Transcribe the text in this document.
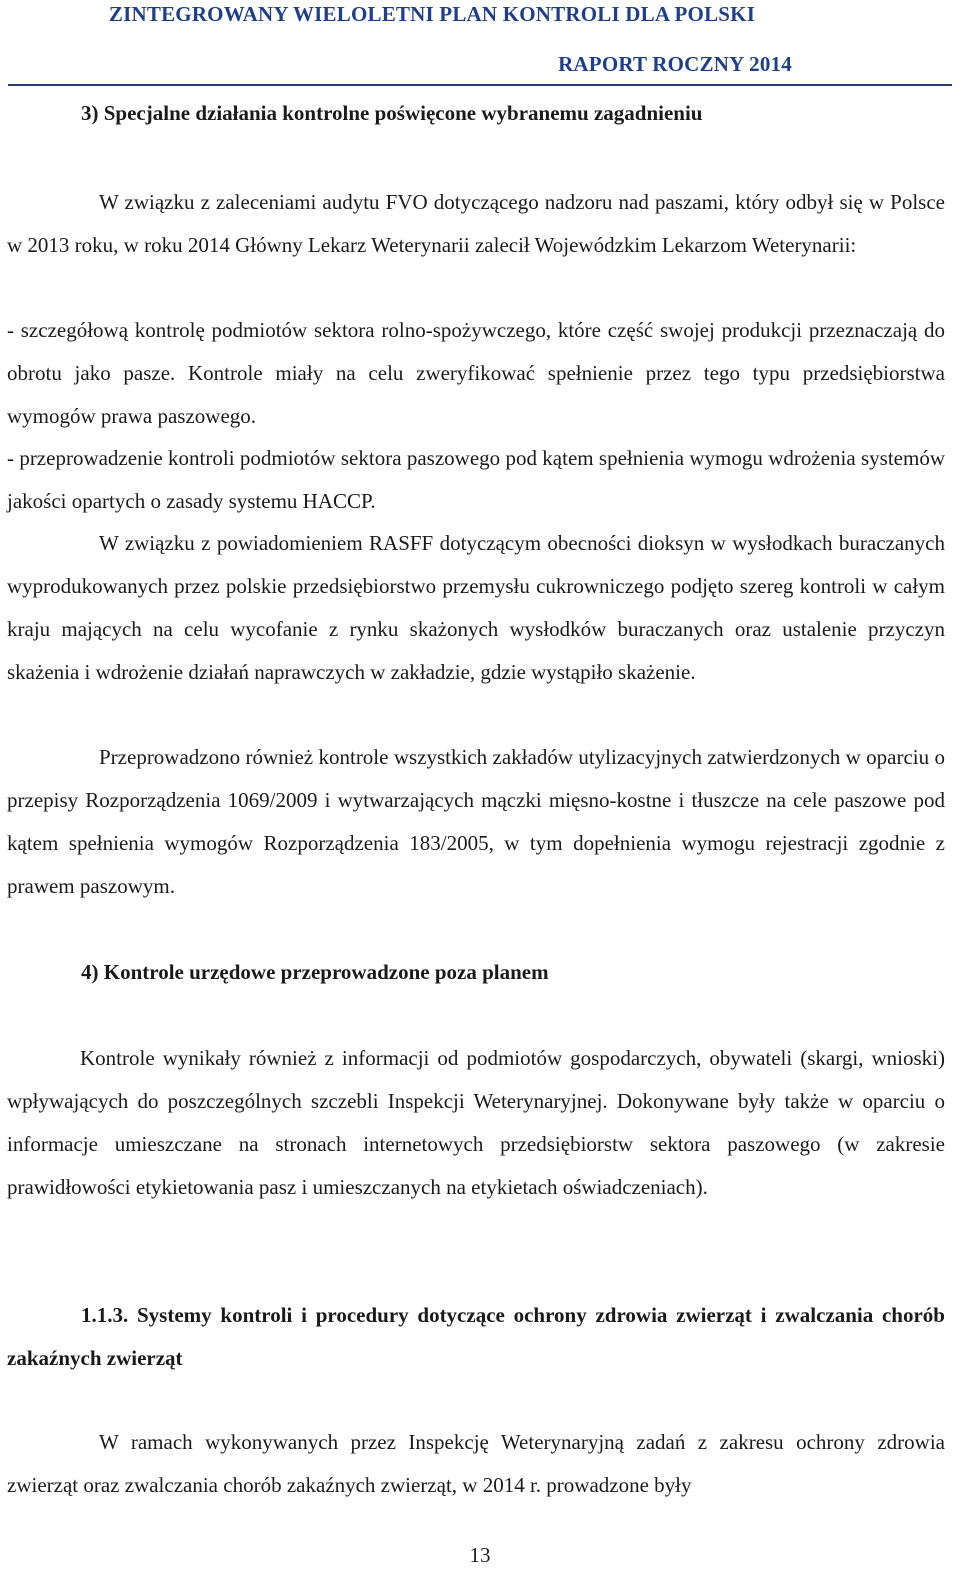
ZINTEGROWANY WIELOLETNI PLAN KONTROLI DLA POLSKI
RAPORT ROCZNY 2014
3) Specjalne działania kontrolne poświęcone wybranemu zagadnieniu

W związku z zaleceniami audytu FVO dotyczącego nadzoru nad paszami, który odbył się w Polsce w 2013 roku, w roku 2014 Główny Lekarz Weterynarii zalecił Wojewódzkim Lekarzom Weterynarii:

- szczegółową kontrolę podmiotów sektora rolno-spożywczego, które część swojej produkcji przeznaczają do obrotu jako pasze. Kontrole miały na celu zweryfikować spełnienie przez tego typu przedsiębiorstwa wymogów prawa paszowego.

- przeprowadzenie kontroli podmiotów sektora paszowego pod kątem spełnienia wymogu wdrożenia systemów jakości opartych o zasady systemu HACCP.

W związku z powiadomieniem RASFF dotyczącym obecności dioksyn w wysłodkach buraczanych wyprodukowanych przez polskie przedsiębiorstwo przemysłu cukrowniczego podjęto szereg kontroli w całym kraju mających na celu wycofanie z rynku skażonych wysłodków buraczanych oraz ustalenie przyczyn skażenia i wdrożenie działań naprawczych w zakładzie, gdzie wystąpiło skażenie.

Przeprowadzono również kontrole wszystkich zakładów utylizacyjnych zatwierdzonych w oparciu o przepisy Rozporządzenia 1069/2009 i wytwarzających mączki mięsno-kostne i tłuszcze na cele paszowe pod kątem spełnienia wymogów Rozporządzenia 183/2005, w tym dopełnienia wymogu rejestracji zgodnie z prawem paszowym.

4) Kontrole urzędowe przeprowadzone poza planem

Kontrole wynikały również z informacji od podmiotów gospodarczych, obywateli (skargi, wnioski) wpływających do poszczególnych szczebli Inspekcji Weterynaryjnej. Dokonywane były także w oparciu o informacje umieszczane na stronach internetowych przedsiębiorstw sektora paszowego (w zakresie prawidłowości etykietowania pasz i umieszczanych na etykietach oświadczeniach).

1.1.3. Systemy kontroli i procedury dotyczące ochrony zdrowia zwierząt i zwalczania chorób zakaźnych zwierząt

W ramach wykonywanych przez Inspekcję Weterynaryjną zadań z zakresu ochrony zdrowia zwierząt oraz zwalczania chorób zakaźnych zwierząt, w 2014 r. prowadzone były

13
